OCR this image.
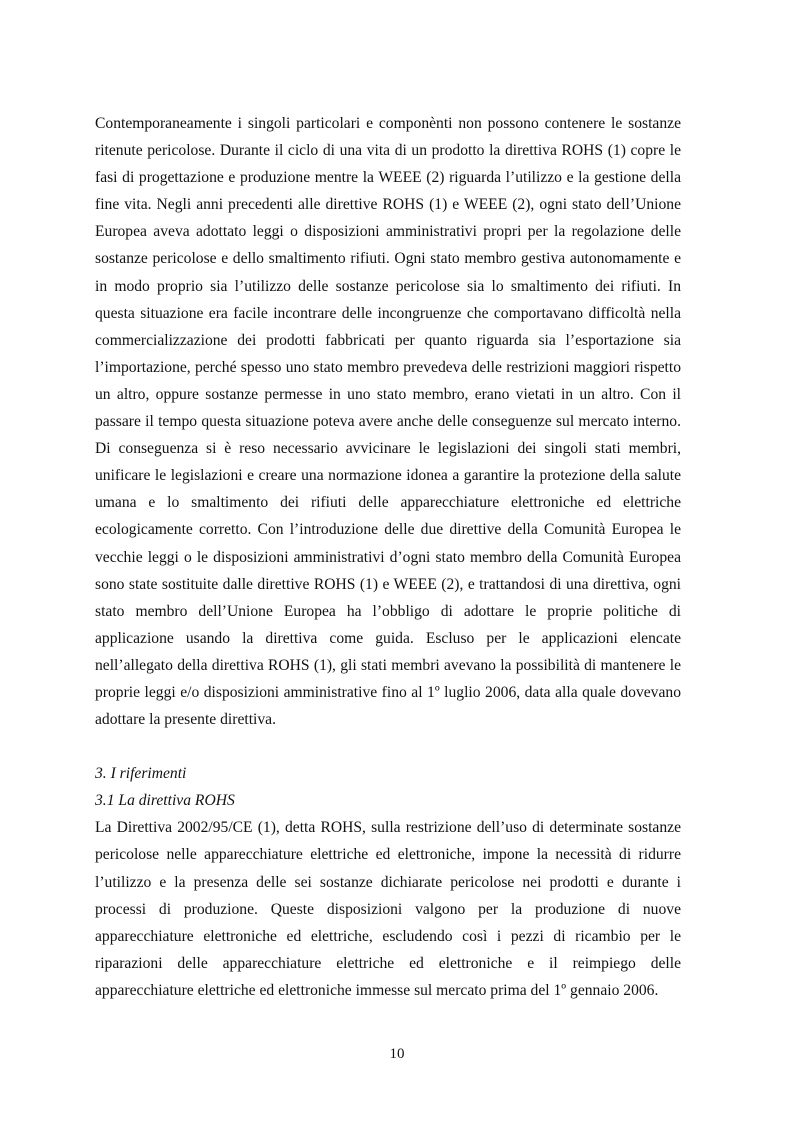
Contemporaneamente i singoli particolari e componènti non possono contenere le sostanze ritenute pericolose. Durante il ciclo di una vita di un prodotto la direttiva ROHS (1) copre le fasi di progettazione e produzione mentre la WEEE (2) riguarda l’utilizzo e la gestione della fine vita. Negli anni precedenti alle direttive ROHS (1) e WEEE (2), ogni stato dell’Unione Europea aveva adottato leggi o disposizioni amministrativi propri per la regolazione delle sostanze pericolose e dello smaltimento rifiuti. Ogni stato membro gestiva autonomamente e in modo proprio sia l’utilizzo delle sostanze pericolose sia lo smaltimento dei rifiuti. In questa situazione era facile incontrare delle incongruenze che comportavano difficoltà nella commercializzazione dei prodotti fabbricati per quanto riguarda sia l’esportazione sia l’importazione, perché spesso uno stato membro prevedeva delle restrizioni maggiori rispetto un altro, oppure sostanze permesse in uno stato membro, erano vietati in un altro. Con il passare il tempo questa situazione poteva avere anche delle conseguenze sul mercato interno. Di conseguenza si è reso necessario avvicinare le legislazioni dei singoli stati membri, unificare le legislazioni e creare una normazione idonea a garantire la protezione della salute umana e lo smaltimento dei rifiuti delle apparecchiature elettroniche ed elettriche ecologicamente corretto. Con l’introduzione delle due direttive della Comunità Europea le vecchie leggi o le disposizioni amministrativi d’ogni stato membro della Comunità Europea sono state sostituite dalle direttive ROHS (1) e WEEE (2), e trattandosi di una direttiva, ogni stato membro dell’Unione Europea ha l’obbligo di adottare le proprie politiche di applicazione usando la direttiva come guida. Escluso per le applicazioni elencate nell’allegato della direttiva ROHS (1), gli stati membri avevano la possibilità di mantenere le proprie leggi e/o disposizioni amministrative fino al 1º luglio 2006, data alla quale dovevano adottare la presente direttiva.

3. I riferimenti

3.1 La direttiva ROHS

La Direttiva 2002/95/CE (1), detta ROHS, sulla restrizione dell’uso di determinate sostanze pericolose nelle apparecchiature elettriche ed elettroniche, impone la necessità di ridurre l’utilizzo e la presenza delle sei sostanze dichiarate pericolose nei prodotti e durante i processi di produzione. Queste disposizioni valgono per la produzione di nuove apparecchiature elettroniche ed elettriche, escludendo così i pezzi di ricambio per le riparazioni delle apparecchiature elettriche ed elettroniche e il reimpiego delle apparecchiature elettriche ed elettroniche immesse sul mercato prima del 1º gennaio 2006.

10
